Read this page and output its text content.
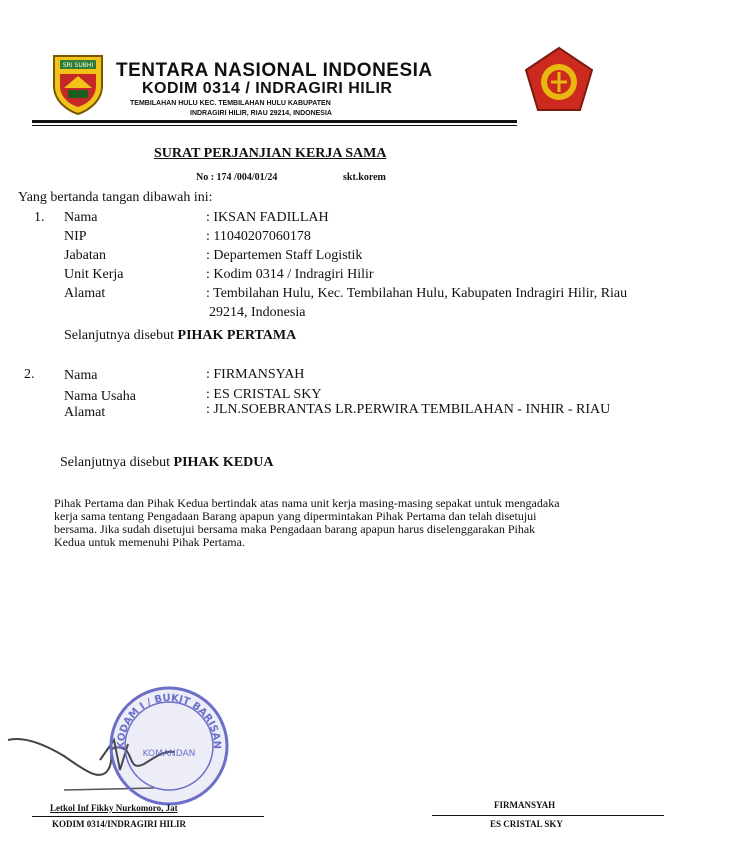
SRI SUBHI TENTARA NASIONAL INDONESIA
KODIM 0314 / INDRAGIRI HILIR
TEMBILAHAN HULU KEC. TEMBILAHAN HULU KABUPATEN
INDRAGIRI HILIR, RIAU 29214, INDONESIA
SURAT PERJANJIAN KERJA SAMA
No : 174 /004/01/24	skt.korem
Yang bertanda tangan dibawah ini:
1. Nama	: IKSAN FADILLAH
NIP	: 11040207060178
Jabatan	: Departemen Staff Logistik
Unit Kerja	: Kodim 0314 / Indragiri Hilir
Alamat	: Tembilahan Hulu, Kec. Tembilahan Hulu, Kabupaten Indragiri Hilir, Riau
29214, Indonesia
Selanjutnya disebut PIHAK PERTAMA
2. Nama	: FIRMANSYAH
Nama Usaha	: ES CRISTAL SKY
Alamat	: JLN.SOEBRANTAS LR.PERWIRA TEMBILAHAN - INHIR - RIAU
Selanjutnya disebut PIHAK KEDUA
Pihak Pertama dan Pihak Kedua bertindak atas nama unit kerja masing-masing sepakat untuk mengadaka
kerja sama tentang Pengadaan Barang apapun yang dipermintakan Pihak Pertama dan telah disetujui
bersama. Jika sudah disetujui bersama maka Pengadaan barang apapun harus diselenggarakan Pihak
Kedua untuk memenuhi Pihak Pertama.
KODAM I / BUKIT BARISAN
KOMANDAN
Letkol Inf Fikky Nurkomoro, Jat
KODIM 0314/INDRAGIRI HILIR
FIRMANSYAH
ES CRISTAL SKY
